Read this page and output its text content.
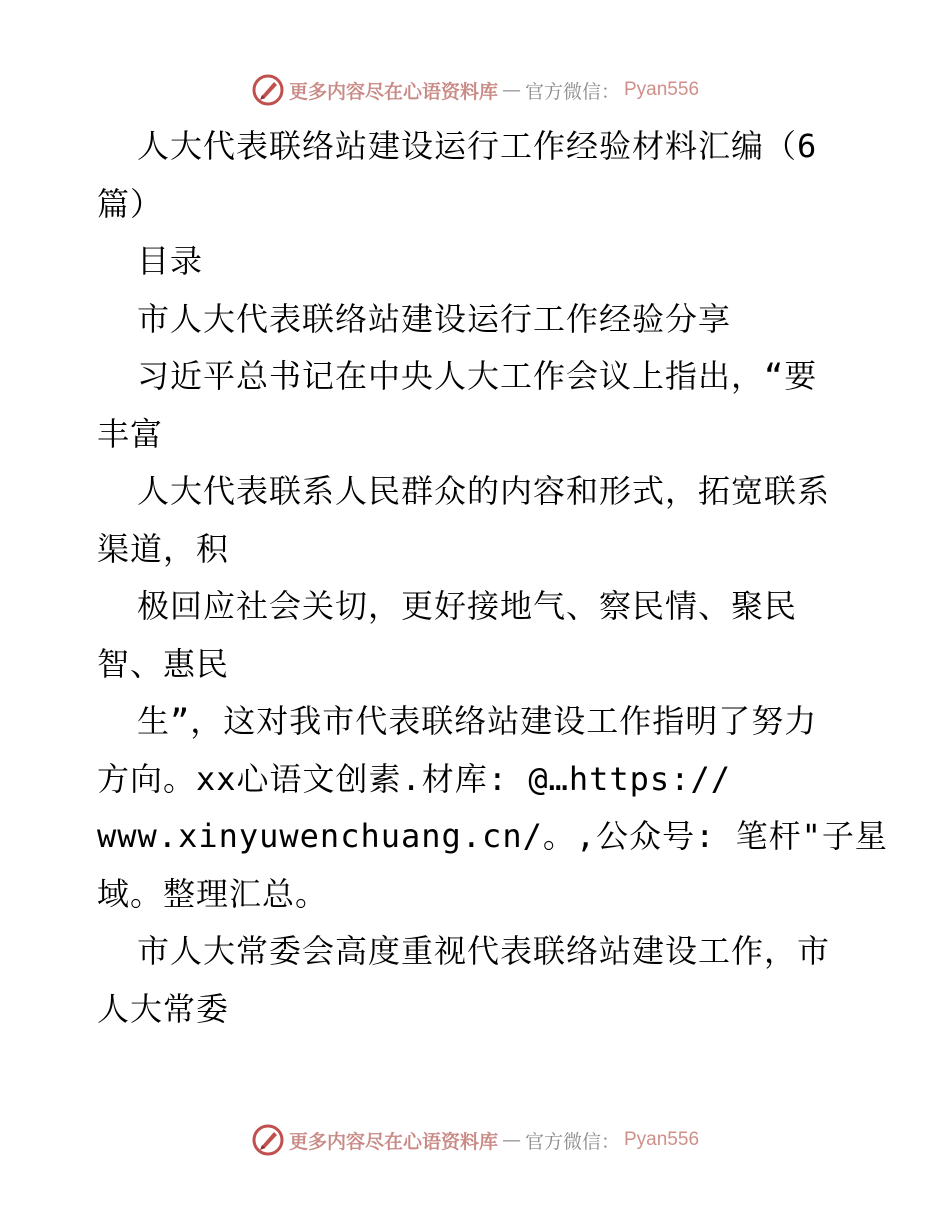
更多内容尽在心语资料库 — 官方微信： Pyan556
人大代表联络站建设运行工作经验材料汇编（6
篇）
目录
市人大代表联络站建设运行工作经验分享
习近平总书记在中央人大工作会议上指出，“要
丰富
人大代表联系人民群众的内容和形式，拓宽联系
渠道，积
极回应社会关切，更好接地气、察民情、聚民
智、惠民
生”，这对我市代表联络站建设工作指明了努力
方向。xx心语文创素.材库: @…https://
www.xinyuwenchuang.cn/。,公众号: 笔杆"子星
域。整理汇总。
市人大常委会高度重视代表联络站建设工作，市
人大常委
更多内容尽在心语资料库 — 官方微信： Pyan556
